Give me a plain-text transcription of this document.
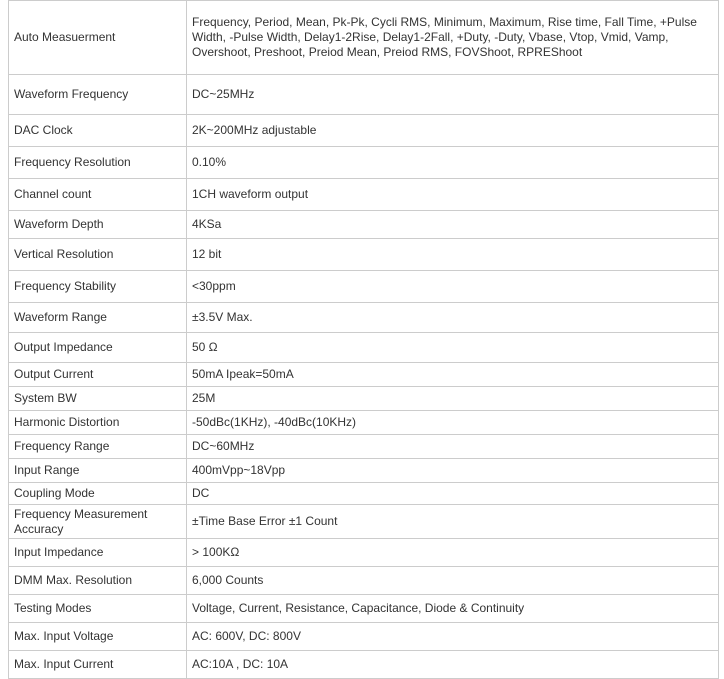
Auto Measuerment	Frequency, Period, Mean, Pk-Pk, Cycli RMS, Minimum, Maximum, Rise time, Fall Time, +Pulse Width, -Pulse Width, Delay1-2Rise, Delay1-2Fall, +Duty, -Duty, Vbase, Vtop, Vmid, Vamp, Overshoot, Preshoot, Preiod Mean, Preiod RMS, FOVShoot, RPREShoot
Waveform Frequency	DC~25MHz
DAC Clock	2K~200MHz adjustable
Frequency Resolution	0.10%
Channel count	1CH waveform output
Waveform Depth	4KSa
Vertical Resolution	12 bit
Frequency Stability	<30ppm
Waveform Range	±3.5V Max.
Output Impedance	50 Ω
Output Current	50mA Ipeak=50mA
System BW	25M
Harmonic Distortion	-50dBc(1KHz), -40dBc(10KHz)
Frequency Range	DC~60MHz
Input Range	400mVpp~18Vpp
Coupling Mode	DC
Frequency Measurement Accuracy	±Time Base Error ±1 Count
Input Impedance	> 100KΩ
DMM Max. Resolution	6,000 Counts
Testing Modes	Voltage, Current, Resistance, Capacitance, Diode & Continuity
Max. Input Voltage	AC: 600V, DC: 800V
Max. Input Current	AC:10A , DC: 10A
